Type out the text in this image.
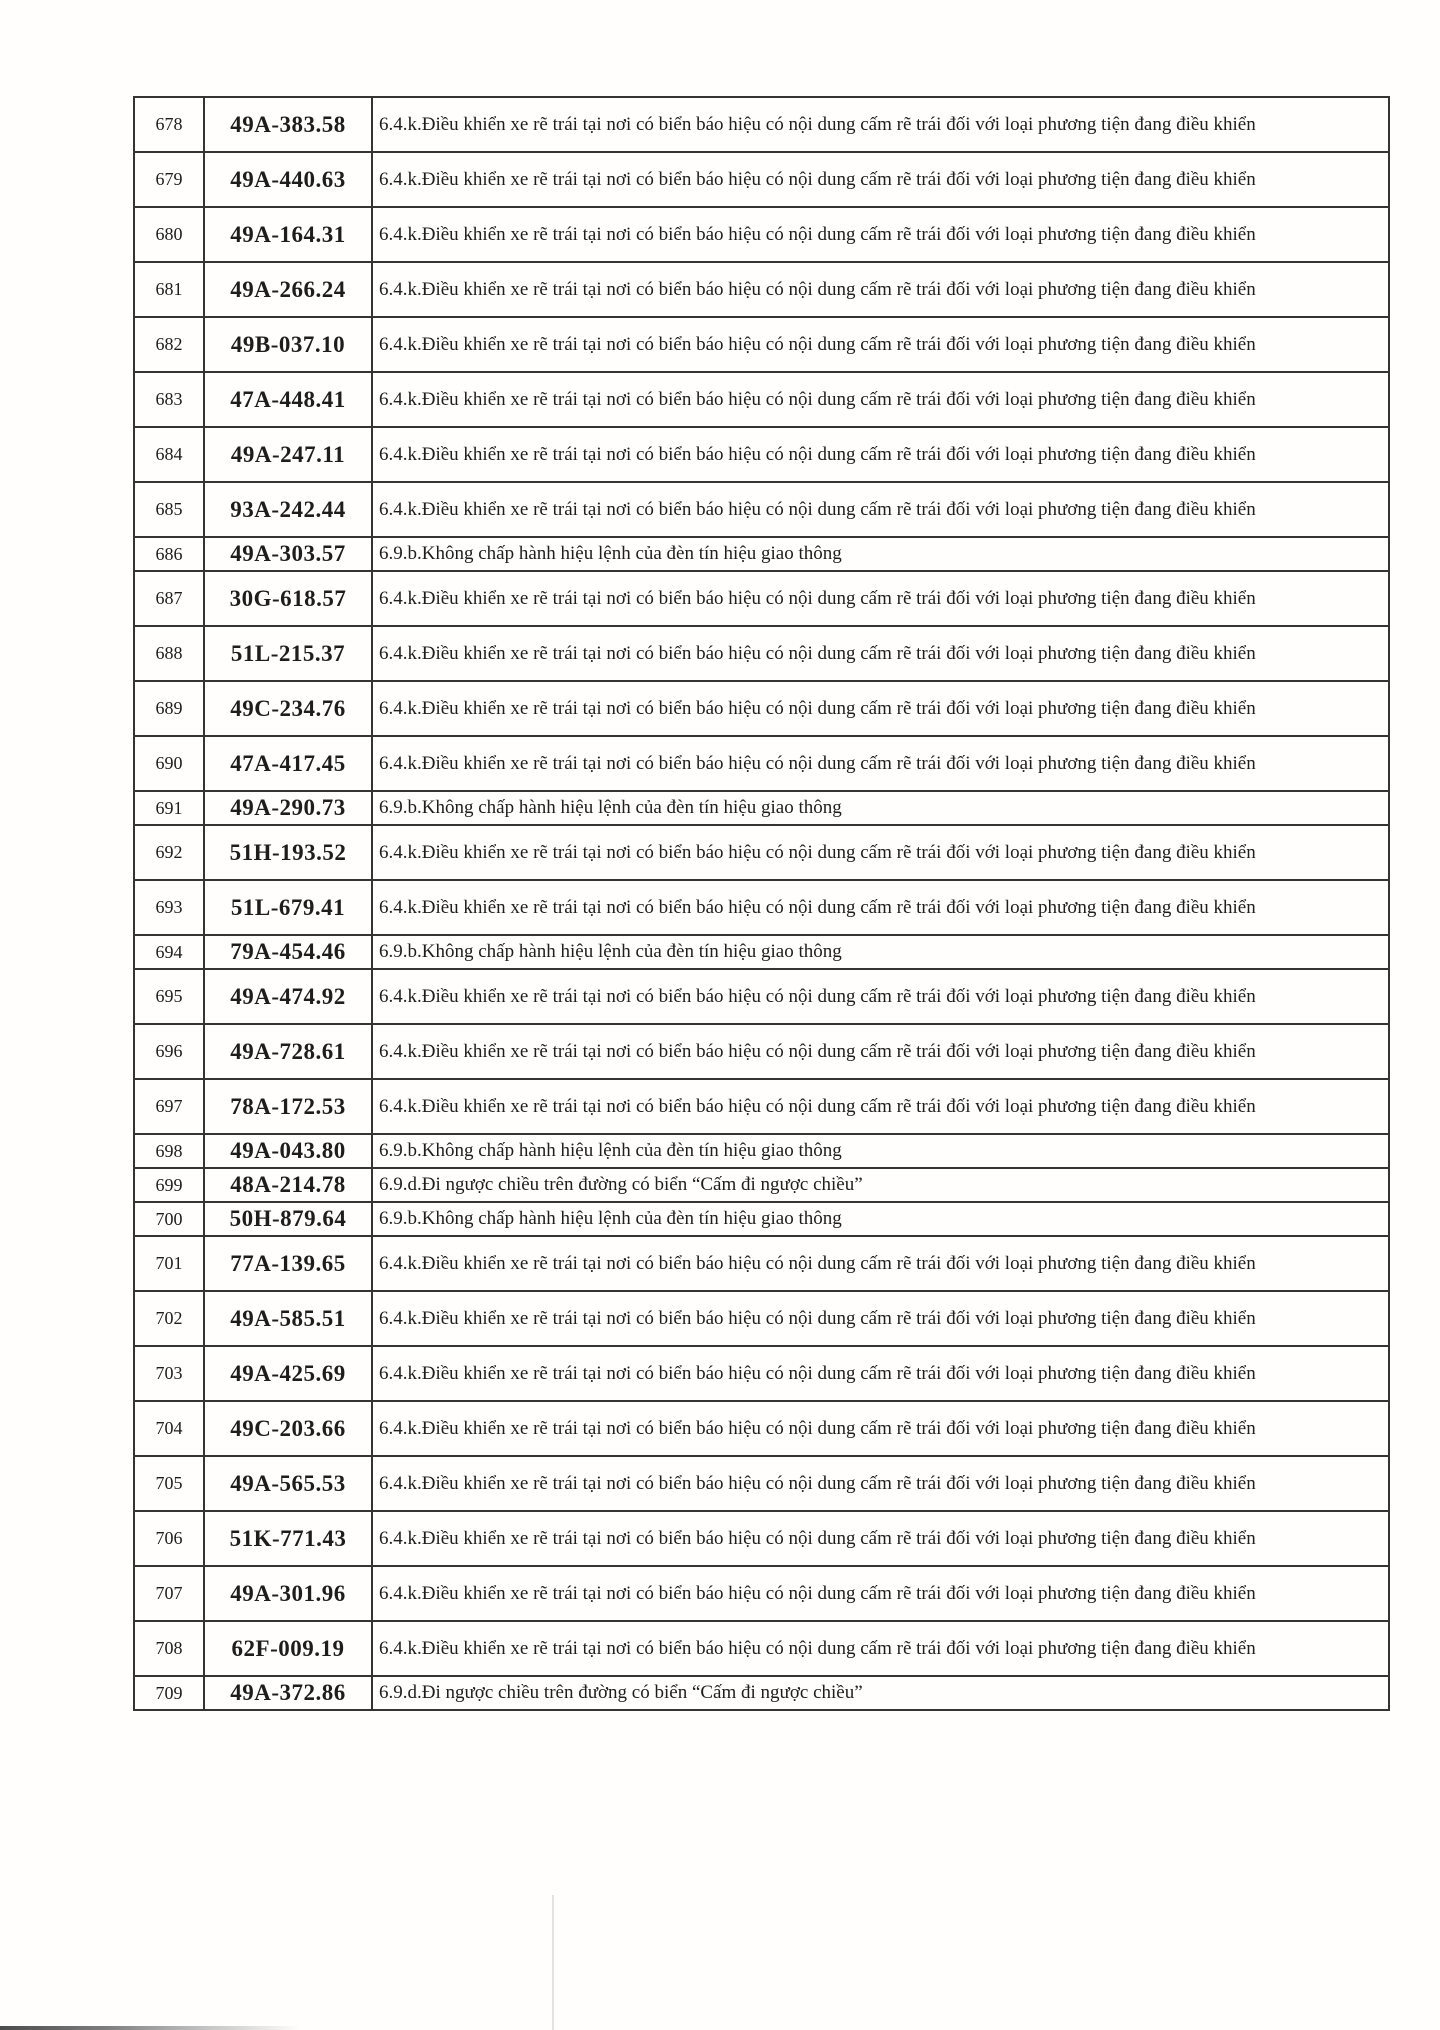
678	49A-383.58	6.4.k.Điều khiển xe rẽ trái tại nơi có biển báo hiệu có nội dung cấm rẽ trái đối với loại phương tiện đang điều khiển
679	49A-440.63	6.4.k.Điều khiển xe rẽ trái tại nơi có biển báo hiệu có nội dung cấm rẽ trái đối với loại phương tiện đang điều khiển
680	49A-164.31	6.4.k.Điều khiển xe rẽ trái tại nơi có biển báo hiệu có nội dung cấm rẽ trái đối với loại phương tiện đang điều khiển
681	49A-266.24	6.4.k.Điều khiển xe rẽ trái tại nơi có biển báo hiệu có nội dung cấm rẽ trái đối với loại phương tiện đang điều khiển
682	49B-037.10	6.4.k.Điều khiển xe rẽ trái tại nơi có biển báo hiệu có nội dung cấm rẽ trái đối với loại phương tiện đang điều khiển
683	47A-448.41	6.4.k.Điều khiển xe rẽ trái tại nơi có biển báo hiệu có nội dung cấm rẽ trái đối với loại phương tiện đang điều khiển
684	49A-247.11	6.4.k.Điều khiển xe rẽ trái tại nơi có biển báo hiệu có nội dung cấm rẽ trái đối với loại phương tiện đang điều khiển
685	93A-242.44	6.4.k.Điều khiển xe rẽ trái tại nơi có biển báo hiệu có nội dung cấm rẽ trái đối với loại phương tiện đang điều khiển
686	49A-303.57	6.9.b.Không chấp hành hiệu lệnh của đèn tín hiệu giao thông
687	30G-618.57	6.4.k.Điều khiển xe rẽ trái tại nơi có biển báo hiệu có nội dung cấm rẽ trái đối với loại phương tiện đang điều khiển
688	51L-215.37	6.4.k.Điều khiển xe rẽ trái tại nơi có biển báo hiệu có nội dung cấm rẽ trái đối với loại phương tiện đang điều khiển
689	49C-234.76	6.4.k.Điều khiển xe rẽ trái tại nơi có biển báo hiệu có nội dung cấm rẽ trái đối với loại phương tiện đang điều khiển
690	47A-417.45	6.4.k.Điều khiển xe rẽ trái tại nơi có biển báo hiệu có nội dung cấm rẽ trái đối với loại phương tiện đang điều khiển
691	49A-290.73	6.9.b.Không chấp hành hiệu lệnh của đèn tín hiệu giao thông
692	51H-193.52	6.4.k.Điều khiển xe rẽ trái tại nơi có biển báo hiệu có nội dung cấm rẽ trái đối với loại phương tiện đang điều khiển
693	51L-679.41	6.4.k.Điều khiển xe rẽ trái tại nơi có biển báo hiệu có nội dung cấm rẽ trái đối với loại phương tiện đang điều khiển
694	79A-454.46	6.9.b.Không chấp hành hiệu lệnh của đèn tín hiệu giao thông
695	49A-474.92	6.4.k.Điều khiển xe rẽ trái tại nơi có biển báo hiệu có nội dung cấm rẽ trái đối với loại phương tiện đang điều khiển
696	49A-728.61	6.4.k.Điều khiển xe rẽ trái tại nơi có biển báo hiệu có nội dung cấm rẽ trái đối với loại phương tiện đang điều khiển
697	78A-172.53	6.4.k.Điều khiển xe rẽ trái tại nơi có biển báo hiệu có nội dung cấm rẽ trái đối với loại phương tiện đang điều khiển
698	49A-043.80	6.9.b.Không chấp hành hiệu lệnh của đèn tín hiệu giao thông
699	48A-214.78	6.9.d.Đi ngược chiều trên đường có biển “Cấm đi ngược chiều”
700	50H-879.64	6.9.b.Không chấp hành hiệu lệnh của đèn tín hiệu giao thông
701	77A-139.65	6.4.k.Điều khiển xe rẽ trái tại nơi có biển báo hiệu có nội dung cấm rẽ trái đối với loại phương tiện đang điều khiển
702	49A-585.51	6.4.k.Điều khiển xe rẽ trái tại nơi có biển báo hiệu có nội dung cấm rẽ trái đối với loại phương tiện đang điều khiển
703	49A-425.69	6.4.k.Điều khiển xe rẽ trái tại nơi có biển báo hiệu có nội dung cấm rẽ trái đối với loại phương tiện đang điều khiển
704	49C-203.66	6.4.k.Điều khiển xe rẽ trái tại nơi có biển báo hiệu có nội dung cấm rẽ trái đối với loại phương tiện đang điều khiển
705	49A-565.53	6.4.k.Điều khiển xe rẽ trái tại nơi có biển báo hiệu có nội dung cấm rẽ trái đối với loại phương tiện đang điều khiển
706	51K-771.43	6.4.k.Điều khiển xe rẽ trái tại nơi có biển báo hiệu có nội dung cấm rẽ trái đối với loại phương tiện đang điều khiển
707	49A-301.96	6.4.k.Điều khiển xe rẽ trái tại nơi có biển báo hiệu có nội dung cấm rẽ trái đối với loại phương tiện đang điều khiển
708	62F-009.19	6.4.k.Điều khiển xe rẽ trái tại nơi có biển báo hiệu có nội dung cấm rẽ trái đối với loại phương tiện đang điều khiển
709	49A-372.86	6.9.d.Đi ngược chiều trên đường có biển “Cấm đi ngược chiều”
